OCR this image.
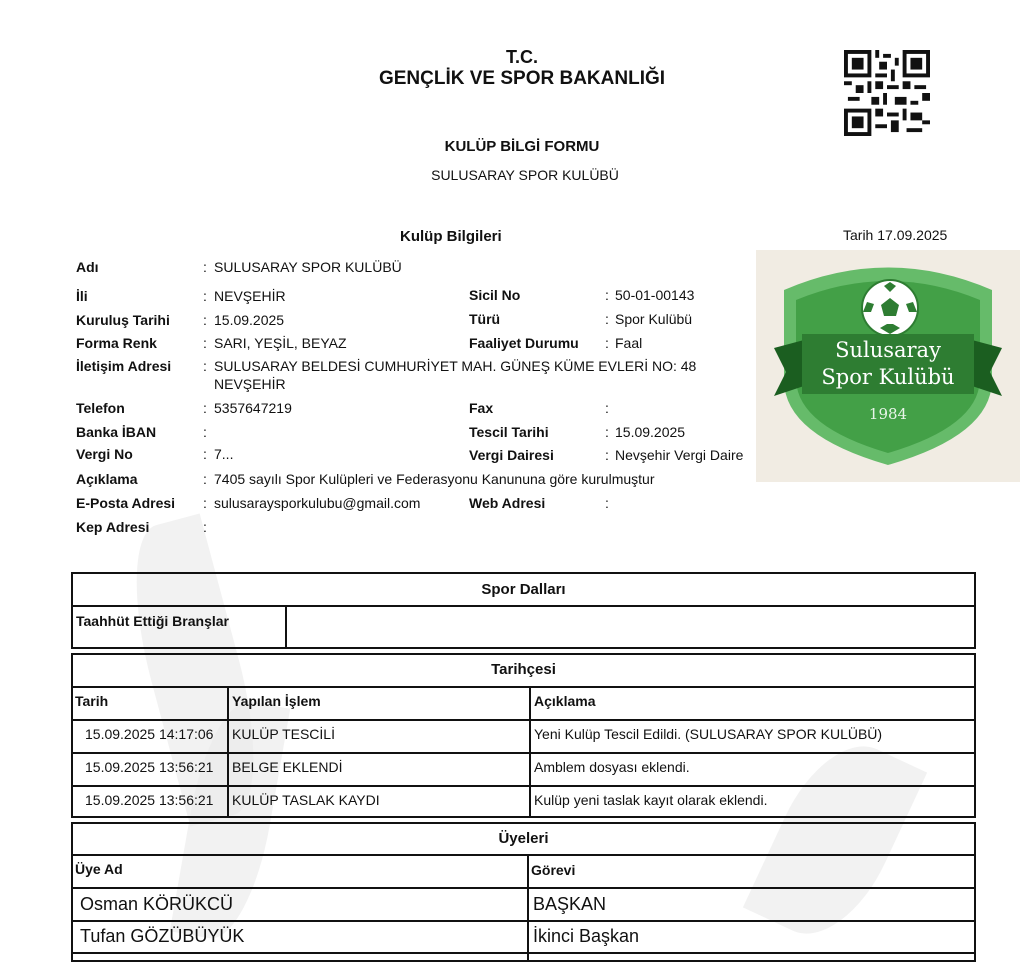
T.C.
GENÇLİK VE SPOR BAKANLIĞI
KULÜP BİLGİ FORMU
SULUSARAY SPOR KULÜBÜ
Tarih 17.09.2025
Kulüp Bilgileri
Sulusaray
Spor Kulübü
1984
Adı	: SULUSARAY SPOR KULÜBÜ
İli	: NEVŞEHİR
Kuruluş Tarihi : 15.09.2025
Forma Renk	: SARI, YEŞİL, BEYAZ
İletişim Adresi : SULUSARAY BELDESİ CUMHURİYET MAH. GÜNEŞ KÜME EVLERİ NO: 48
NEVŞEHİR
Telefon	: 5357647219
Banka İBAN	:
Vergi No	: 7...
Açıklama	: 7405 sayılı Spor Kulüpleri ve Federasyonu Kanununa göre kurulmuştur
E-Posta Adresi : sulusaraysporkulubu@gmail.com
Kep Adresi	:
Sicil No	: 50-01-00143
Türü	: Spor Kulübü
Faaliyet Durumu : Faal
Fax	:
Tescil Tarihi	: 15.09.2025
Vergi Dairesi	: Nevşehir Vergi Daire
Web Adresi	:
Spor Dalları
Taahhüt Ettiği Branşlar
Tarihçesi
Tarih	Yapılan İşlem	Açıklama
15.09.2025 14:17:06 KULÜP TESCİLİ	Yeni Kulüp Tescil Edildi. (SULUSARAY SPOR KULÜBÜ)
15.09.2025 13:56:21 BELGE EKLENDİ	Amblem dosyası eklendi.
15.09.2025 13:56:21 KULÜP TASLAK KAYDI	Kulüp yeni taslak kayıt olarak eklendi.
Üyeleri
Üye Ad	Görevi
Osman KÖRÜKCÜ	BAŞKAN
Tufan GÖZÜBÜYÜK	İkinci Başkan
